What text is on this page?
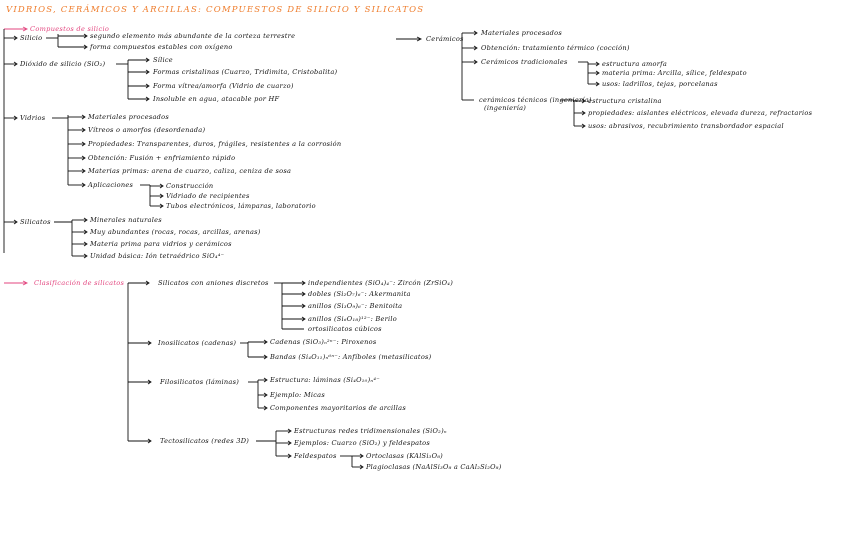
VIDRIOS, CERÁMICOS Y ARCILLAS: COMPUESTOS DE SILICIO Y SILICATOS
Compuestos de silicio
Silicio	segundo elemento más abundante de la corteza terrestre
forma compuestos estables con oxígeno
Dióxido de silicio (SiO₂)	Sílice
Formas cristalinas (Cuarzo, Tridimita, Cristobalita)
Forma vítrea/amorfa (Vidrio de cuarzo)
Insoluble en agua, atacable por HF
Vidrios	Materiales procesados
Vítreos o amorfos (desordenada)
Propiedades: Transparentes, duros, frágiles, resistentes a la corrosión
Obtención: Fusión + enfriamiento rápido
Materias primas: arena de cuarzo, caliza, ceniza de sosa
Aplicaciones	Construcción
Vidriado de recipientes
Tubos electrónicos, lámparas, laboratorio
Silicatos	Minerales naturales
Muy abundantes (rocas, rocas, arcillas, arenas)
Materia prima para vidrios y cerámicos
Unidad básica: Ión tetraédrico SiO₄⁴⁻
Cerámicos
Materiales procesados
Obtención: tratamiento térmico (cocción)
Cerámicos tradicionales
cerámicos técnicos (ingeniería)
(ingeniería)
estructura amorfa
materia prima: Arcilla, sílice, feldespato
usos: ladrillos, tejas, porcelanas
estructura cristalina
propiedades: aislantes eléctricos, elevada dureza, refractarios
usos: abrasivos, recubrimiento transbordador espacial
Clasificación de silicatos	Silicatos con aniones discretos	independientes (SiO₄)₄⁻: Zircón (ZrSiO₄)
dobles (Si₂O₇)₆⁻: Akermanita
anillos (Si₃O₉)₆⁻: Benitoita
anillos (Si₆O₁₈)¹²⁻: Berilo
ortosilicatos cúbicos
Inosilicatos (cadenas)	Cadenas (SiO₃)ₙ²ⁿ⁻: Piroxenos
Bandas (Si₄O₁₁)ₙ⁶ⁿ⁻: Anfíboles (metasilicatos)
Filosilicatos (láminas)	Estructura: láminas (Si₄O₁₀)ₙ⁴⁻
Ejemplo: Micas
Componentes mayoritarios de arcillas
Tectosilicatos (redes 3D)
Estructuras redes tridimensionales (SiO₂)ₙ
Ejemplos: Cuarzo (SiO₂) y feldespatos
Feldespatos	Ortoclasas (KAlSi₃O₈)
Plagioclasas (NaAlSi₃O₈ a CaAl₂Si₂O₈)
